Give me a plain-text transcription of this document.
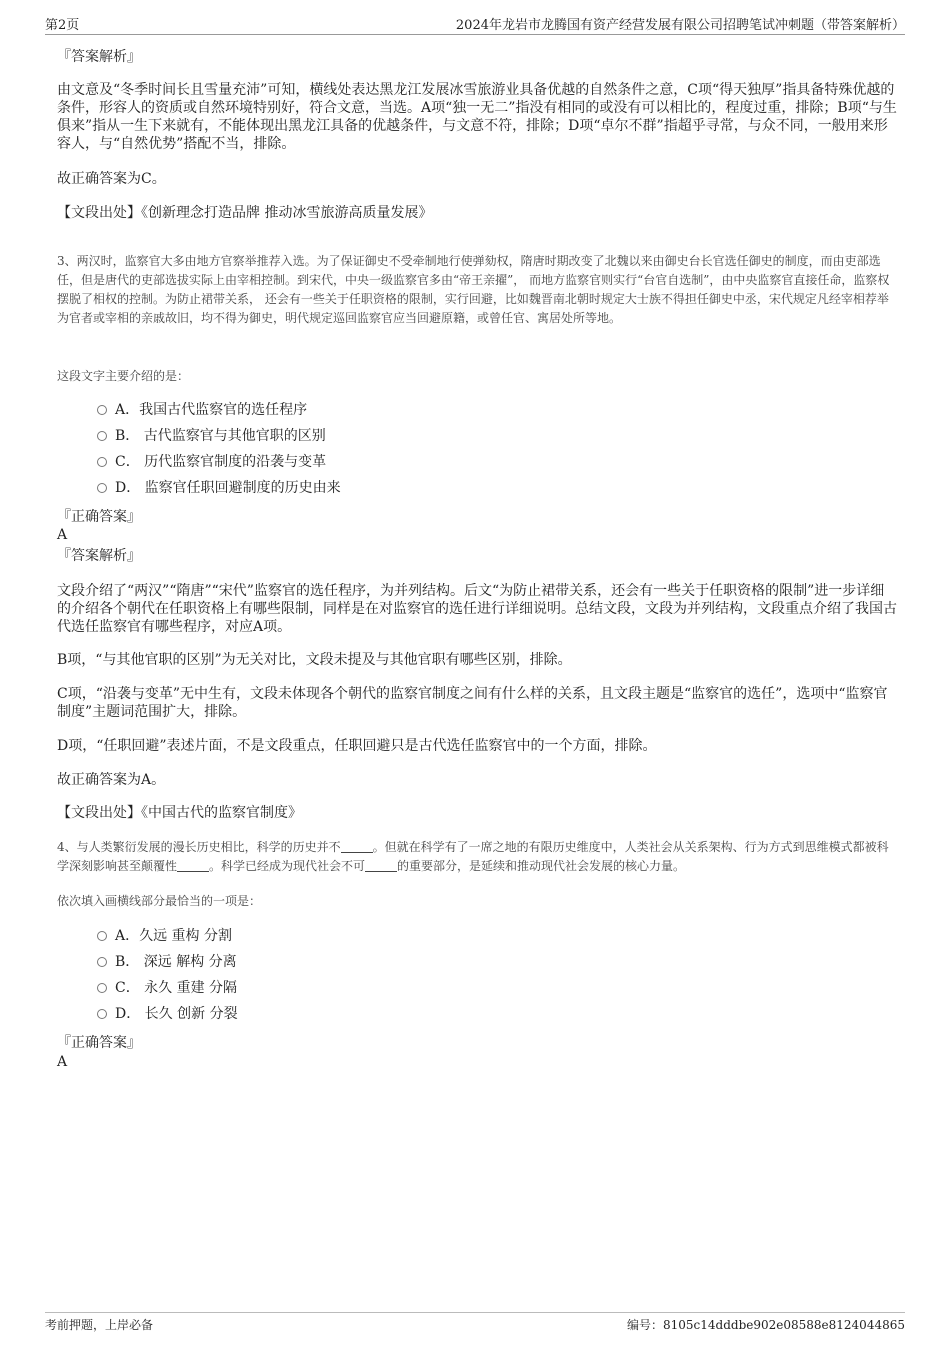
第2页	2024年龙岩市龙腾国有资产经营发展有限公司招聘笔试冲刺题（带答案解析）
『答案解析』
由文意及“冬季时间长且雪量充沛”可知，横线处表达黑龙江发展冰雪旅游业具备优越的自然条件之意，C项“得天独厚”指具备特殊优越的条件，形容人的资质或自然环境特别好，符合文意，当选。A项“独一无二”指没有相同的或没有可以相比的，程度过重，排除；B项“与生俱来”指从一生下来就有，不能体现出黑龙江具备的优越条件，与文意不符，排除；D项“卓尔不群”指超乎寻常，与众不同，一般用来形容人，与“自然优势”搭配不当，排除。
故正确答案为C。
【文段出处】《创新理念打造品牌 推动冰雪旅游高质量发展》
3、两汉时，监察官大多由地方官察举推荐入选。为了保证御史不受牵制地行使弹劾权，隋唐时期改变了北魏以来由御史台长官选任御史的制度，而由吏部选任，但是唐代的吏部选拔实际上由宰相控制。到宋代，中央一级监察官多由“帝王亲擢”， 而地方监察官则实行“台官自选制”，由中央监察官直接任命，监察权摆脱了相权的控制。为防止裙带关系， 还会有一些关于任职资格的限制，实行回避，比如魏晋南北朝时规定大士族不得担任御史中丞，宋代规定凡经宰相荐举为官者或宰相的亲戚故旧，均不得为御史，明代规定巡回监察官应当回避原籍，或曾任官、寓居处所等地。
这段文字主要介绍的是：
A．我国古代监察官的选任程序
B． 古代监察官与其他官职的区别
C． 历代监察官制度的沿袭与变革
D． 监察官任职回避制度的历史由来
『正确答案』
A
『答案解析』
文段介绍了“两汉”“隋唐”“宋代”监察官的选任程序，为并列结构。后文“为防止裙带关系，还会有一些关于任职资格的限制”进一步详细的介绍各个朝代在任职资格上有哪些限制，同样是在对监察官的选任进行详细说明。总结文段，文段为并列结构，文段重点介绍了我国古代选任监察官有哪些程序，对应A项。
B项，“与其他官职的区别”为无关对比，文段未提及与其他官职有哪些区别，排除。
C项，“沿袭与变革”无中生有，文段未体现各个朝代的监察官制度之间有什么样的关系，且文段主题是“监察官的选任”，选项中“监察官制度”主题词范围扩大，排除。
D项，“任职回避”表述片面，不是文段重点，任职回避只是古代选任监察官中的一个方面，排除。
故正确答案为A。
【文段出处】《中国古代的监察官制度》
4、与人类繁衍发展的漫长历史相比，科学的历史并不	。但就在科学有了一席之地的有限历史维度中，人类社会从关系架构、行为方式到思维模式都被科学深刻影响甚至颠覆性	。科学已经成为现代社会不可	的重要部分，是延续和推动现代社会发展的核心力量。
依次填入画横线部分最恰当的一项是：
A．久远 重构 分割
B． 深远 解构 分离
C． 永久 重建 分隔
D． 长久 创新 分裂
『正确答案』
A
考前押题，上岸必备	编号：8105c14dddbe902e08588e8124044865
